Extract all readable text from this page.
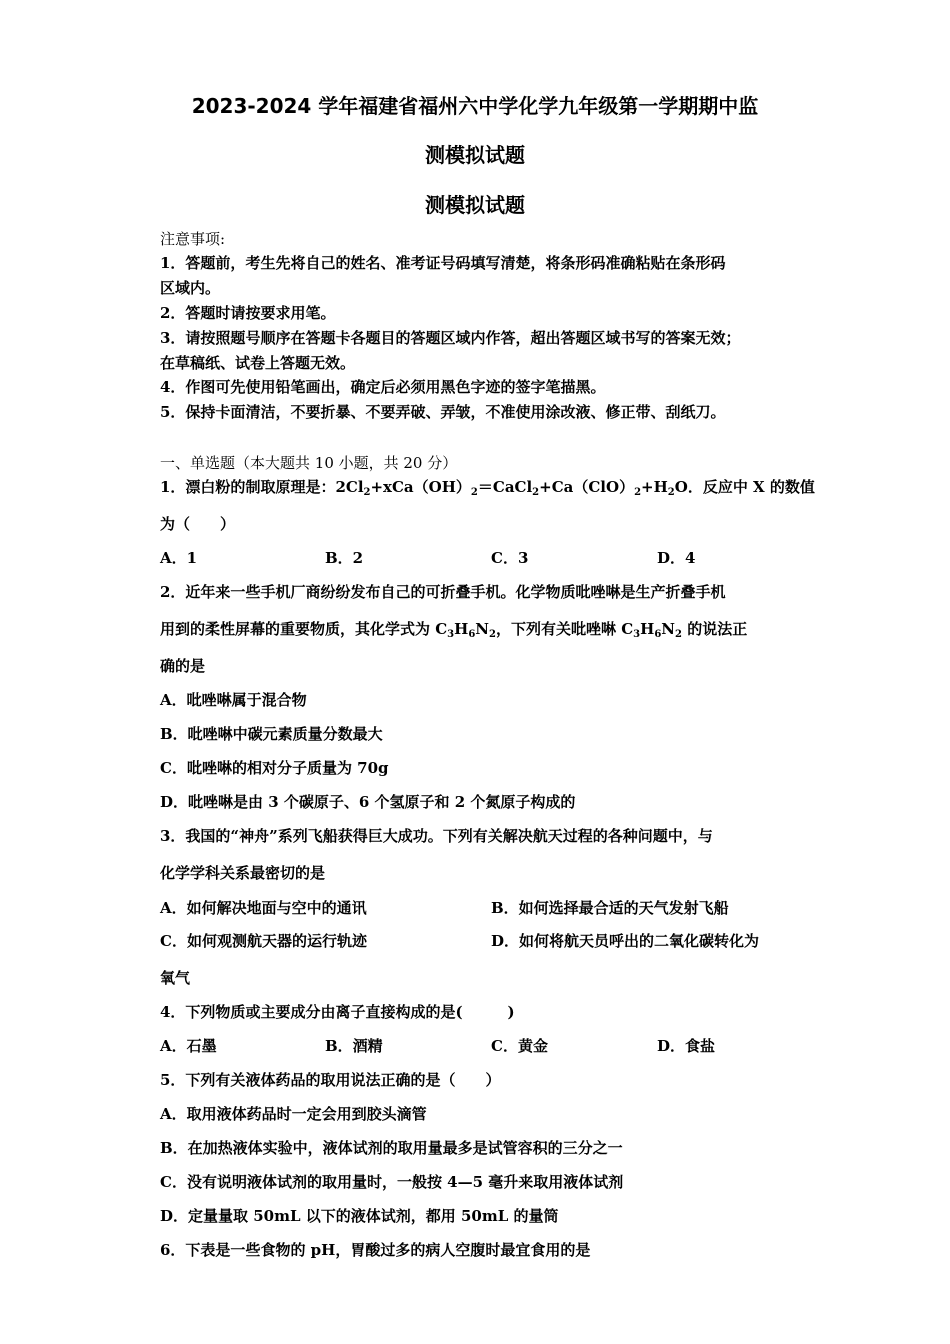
2023-2024 学年福建省福州六中学化学九年级第一学期期中监
测模拟试题
测模拟试题
注意事项:
1．答题前，考生先将自己的姓名、准考证号码填写清楚，将条形码准确粘贴在条形码
区域内。
2．答题时请按要求用笔。
3．请按照题号顺序在答题卡各题目的答题区域内作答，超出答题区域书写的答案无效；
在草稿纸、试卷上答题无效。
4．作图可先使用铅笔画出，确定后必须用黑色字迹的签字笔描黑。
5．保持卡面清洁，不要折暴、不要弄破、弄皱，不准使用涂改液、修正带、刮纸刀。
一、单选题（本大题共 10 小题，共 20 分）
1．漂白粉的制取原理是：$2Cl_2+xCa(OH)_2=CaCl_2+Ca(ClO)_2+H_2O$．反应中 X 的数值
为（　　）
A．1	B．2	C．3	D．4
2．近年来一些手机厂商纷纷发布自己的可折叠手机。化学物质吡唑啉是生产折叠手机
用到的柔性屏幕的重要物质，其化学式为 $C_3H_6N_2$，下列有关吡唑啉 $C_3H_6N_2$ 的说法正
确的是
A．吡唑啉属于混合物
B．吡唑啉中碳元素质量分数最大
C．吡唑啉的相对分子质量为 70g
D．吡唑啉是由 3 个碳原子、6 个氢原子和 2 个氮原子构成的
3．我国的“神舟”系列飞船获得巨大成功。下列有关解决航天过程的各种问题中，与
化学学科关系最密切的是
A．如何解决地面与空中的通讯	B．如何选择最合适的天气发射飞船
C．如何观测航天器的运行轨迹	D．如何将航天员呼出的二氧化碳转化为
氧气
4．下列物质或主要成分由离子直接构成的是(　　　)
A．石墨	B．酒精	C．黄金	D．食盐
5．下列有关液体药品的取用说法正确的是（　　）
A．取用液体药品时一定会用到胶头滴管
B．在加热液体实验中，液体试剂的取用量最多是试管容积的三分之一
C．没有说明液体试剂的取用量时，一般按 4—5 毫升来取用液体试剂
D．定量量取 50mL 以下的液体试剂，都用 50mL 的量筒
6．下表是一些食物的 pH，胃酸过多的病人空腹时最宜食用的是
